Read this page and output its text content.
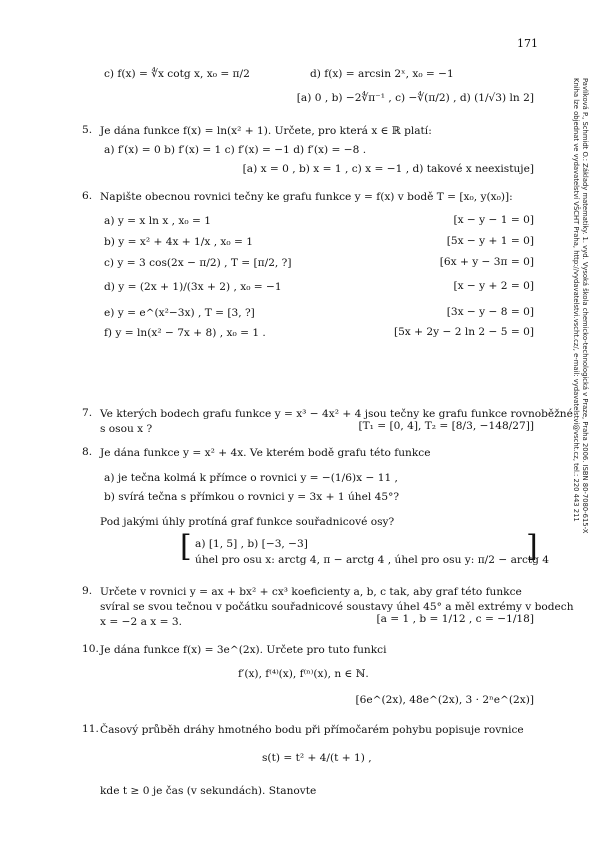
171
Pavlíková P., Schmidt O.: Základy matematiky. 1. vyd. Vysoká škola chemicko-technologická v Praze, Praha 2006. ISBN 80-7080-615-X
Kniha lze objednat ve vydavatelství VŠCHT Praha, http://vydavatelstvi.vscht.cz/, e-mail: vydavatelstvi@vscht.cz, tel.: 220 443 211
c) f(x) = ∜x cotg x, x₀ = π/2	d) f(x) = arcsin 2ˣ, x₀ = −1
[a) 0 , b) −2∜π⁻¹ , c) −∜(π/2) , d) (1/√3) ln 2]
5. Je dána funkce f(x) = ln(x² + 1). Určete, pro která x ∈ ℝ platí:
a) f′(x) = 0 b) f′(x) = 1 c) f′(x) = −1 d) f′(x) = −8 .
[a) x = 0 , b) x = 1 , c) x = −1 , d) takové x neexistuje]
6. Napište obecnou rovnici tečny ke grafu funkce y = f(x) v bodě T = [x₀, y(x₀)]:
a) y = x ln x , x₀ = 1	[x − y − 1 = 0]
b) y = x² + 4x + 1/x , x₀ = 1	[5x − y + 1 = 0]
c) y = 3 cos(2x − π/2) , T = [π/2, ?]	[6x + y − 3π = 0]
d) y = (2x + 1)/(3x + 2) , x₀ = −1	[x − y + 2 = 0]
e) y = e^(x²−3x) , T = [3, ?]	[3x − y − 8 = 0]
f) y = ln(x² − 7x + 8) , x₀ = 1 .	[5x + 2y − 2 ln 2 − 5 = 0]
7. Ve kterých bodech grafu funkce y = x³ − 4x² + 4 jsou tečny ke grafu funkce rovnoběžné
s osou x ?	[T₁ = [0, 4], T₂ = [8/3, −148/27]]
8. Je dána funkce y = x² + 4x. Ve kterém bodě grafu této funkce
a) je tečna kolmá k přímce o rovnici y = −(1/6)x − 11 ,
b) svírá tečna s přímkou o rovnici y = 3x + 1 úhel 45°?
Pod jakými úhly protíná graf funkce souřadnicové osy?
[ a) [1, 5] , b) [−3, −3]
úhel pro osu x: arctg 4, π − arctg 4 , úhel pro osu y: π/2 − arctg 4
]
9. Určete v rovnici y = ax + bx² + cx³ koeficienty a, b, c tak, aby graf této funkce
svíral se svou tečnou v počátku souřadnicové soustavy úhel 45° a měl extrémy v bodech
x = −2 a x = 3.	[a = 1 , b = 1/12 , c = −1/18]
10. Je dána funkce f(x) = 3e^(2x). Určete pro tuto funkci
f′(x), f⁽⁴⁾(x), f⁽ⁿ⁾(x), n ∈ ℕ.
[6e^(2x), 48e^(2x), 3 · 2ⁿe^(2x)]
11. Časový průběh dráhy hmotného bodu při přímočarém pohybu popisuje rovnice
s(t) = t² + 4/(t + 1) ,
kde t ≥ 0 je čas (v sekundách). Stanovte
